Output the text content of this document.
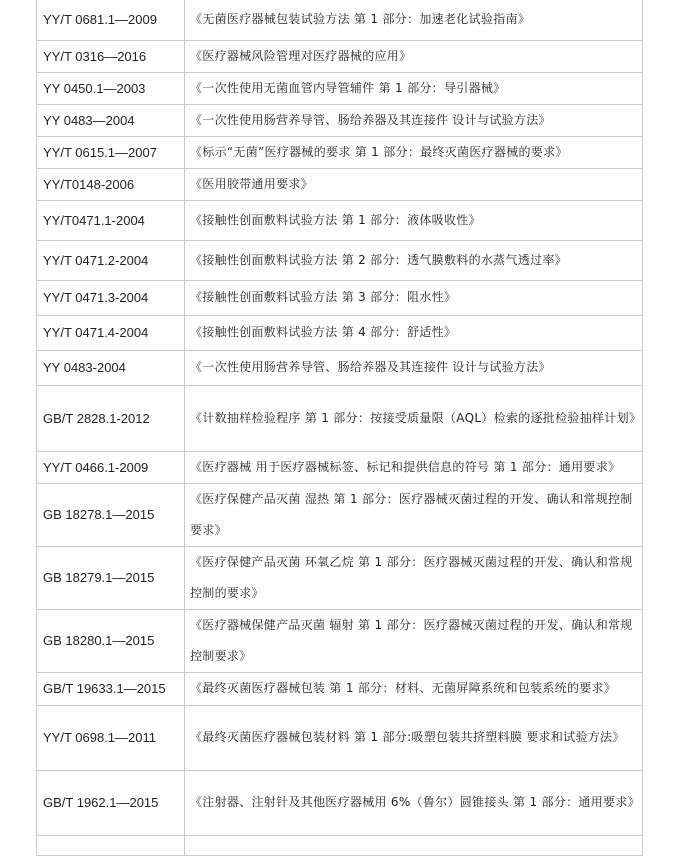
YY/T 0681.1—2009	《无菌医疗器械包装试验方法 第 1 部分：加速老化试验指南》
YY/T 0316—2016	《医疗器械风险管理对医疗器械的应用》
YY 0450.1—2003	《一次性使用无菌血管内导管辅件 第 1 部分：导引器械》
YY 0483—2004	《一次性使用肠营养导管、肠给养器及其连接件 设计与试验方法》
YY/T 0615.1—2007	《标示“无菌”医疗器械的要求 第 1 部分：最终灭菌医疗器械的要求》
YY/T0148-2006	《医用胶带通用要求》
YY/T0471.1-2004	《接触性创面敷料试验方法 第 1 部分：液体吸收性》
YY/T 0471.2-2004	《接触性创面敷料试验方法 第 2 部分：透气膜敷料的水蒸气透过率》
YY/T 0471.3-2004	《接触性创面敷料试验方法 第 3 部分：阻水性》
YY/T 0471.4-2004	《接触性创面敷料试验方法 第 4 部分：舒适性》
YY 0483-2004	《一次性使用肠营养导管、肠给养器及其连接件 设计与试验方法》
GB/T 2828.1-2012	《计数抽样检验程序 第 1 部分：按接受质量限（AQL）检索的逐批检验抽样计划》
YY/T 0466.1-2009	《医疗器械 用于医疗器械标签、标记和提供信息的符号 第 1 部分：通用要求》
GB 18278.1—2015	《医疗保健产品灭菌 湿热 第 1 部分：医疗器械灭菌过程的开发、确认和常规控制要求》
GB 18279.1—2015	《医疗保健产品灭菌 环氧乙烷 第 1 部分：医疗器械灭菌过程的开发、确认和常规控制的要求》
GB 18280.1—2015	《医疗器械保健产品灭菌 辐射 第 1 部分：医疗器械灭菌过程的开发、确认和常规控制要求》
GB/T 19633.1—2015	《最终灭菌医疗器械包装 第 1 部分：材料、无菌屏障系统和包装系统的要求》
YY/T 0698.1—2011	《最终灭菌医疗器械包装材料 第 1 部分:吸塑包装共挤塑料膜 要求和试验方法》
GB/T 1962.1—2015	《注射器、注射针及其他医疗器械用 6%（鲁尔）圆锥接头 第 1 部分：通用要求》
